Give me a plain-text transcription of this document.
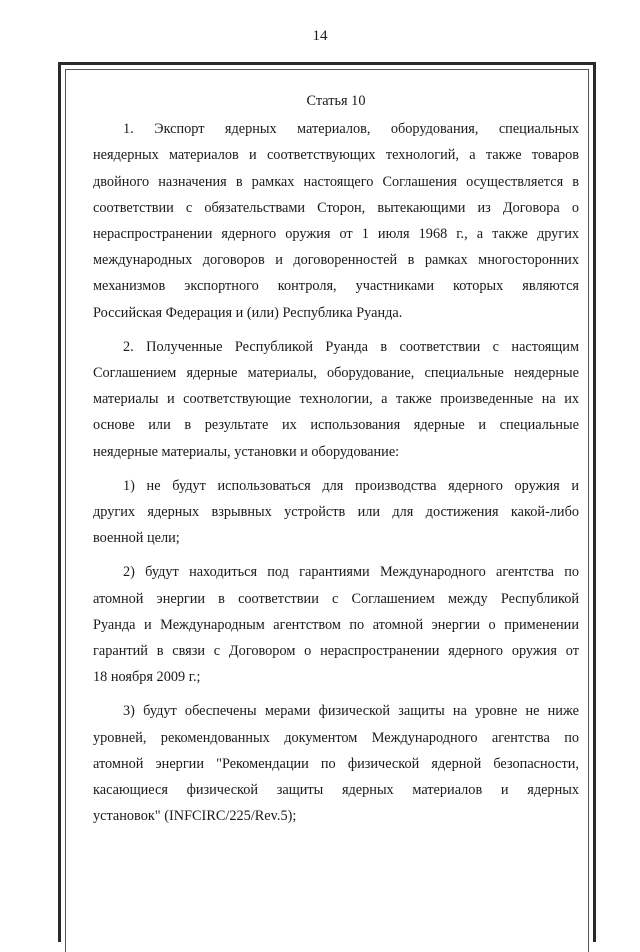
14
Статья 10
1. Экспорт ядерных материалов, оборудования, специальных
неядерных материалов и соответствующих технологий, а также товаров
двойного назначения в рамках настоящего Соглашения осуществляется в
соответствии с обязательствами Сторон, вытекающими из Договора о
нераспространении ядерного оружия от 1 июля 1968 г., а также других
международных договоров и договоренностей в рамках многосторонних
механизмов экспортного контроля, участниками которых являются
Российская Федерация и (или) Республика Руанда.
2. Полученные Республикой Руанда в соответствии с настоящим
Соглашением ядерные материалы, оборудование, специальные неядерные
материалы и соответствующие технологии, а также произведенные на их
основе или в результате их использования ядерные и специальные
неядерные материалы, установки и оборудование:
1) не будут использоваться для производства ядерного оружия и
других ядерных взрывных устройств или для достижения какой-либо
военной цели;
2) будут находиться под гарантиями Международного агентства по
атомной энергии в соответствии с Соглашением между Республикой
Руанда и Международным агентством по атомной энергии о применении
гарантий в связи с Договором о нераспространении ядерного оружия от
18 ноября 2009 г.;
3) будут обеспечены мерами физической защиты на уровне не ниже
уровней, рекомендованных документом Международного агентства по
атомной энергии "Рекомендации по физической ядерной безопасности,
касающиеся физической защиты ядерных материалов и ядерных
установок" (INFCIRC/225/Rev.5);
